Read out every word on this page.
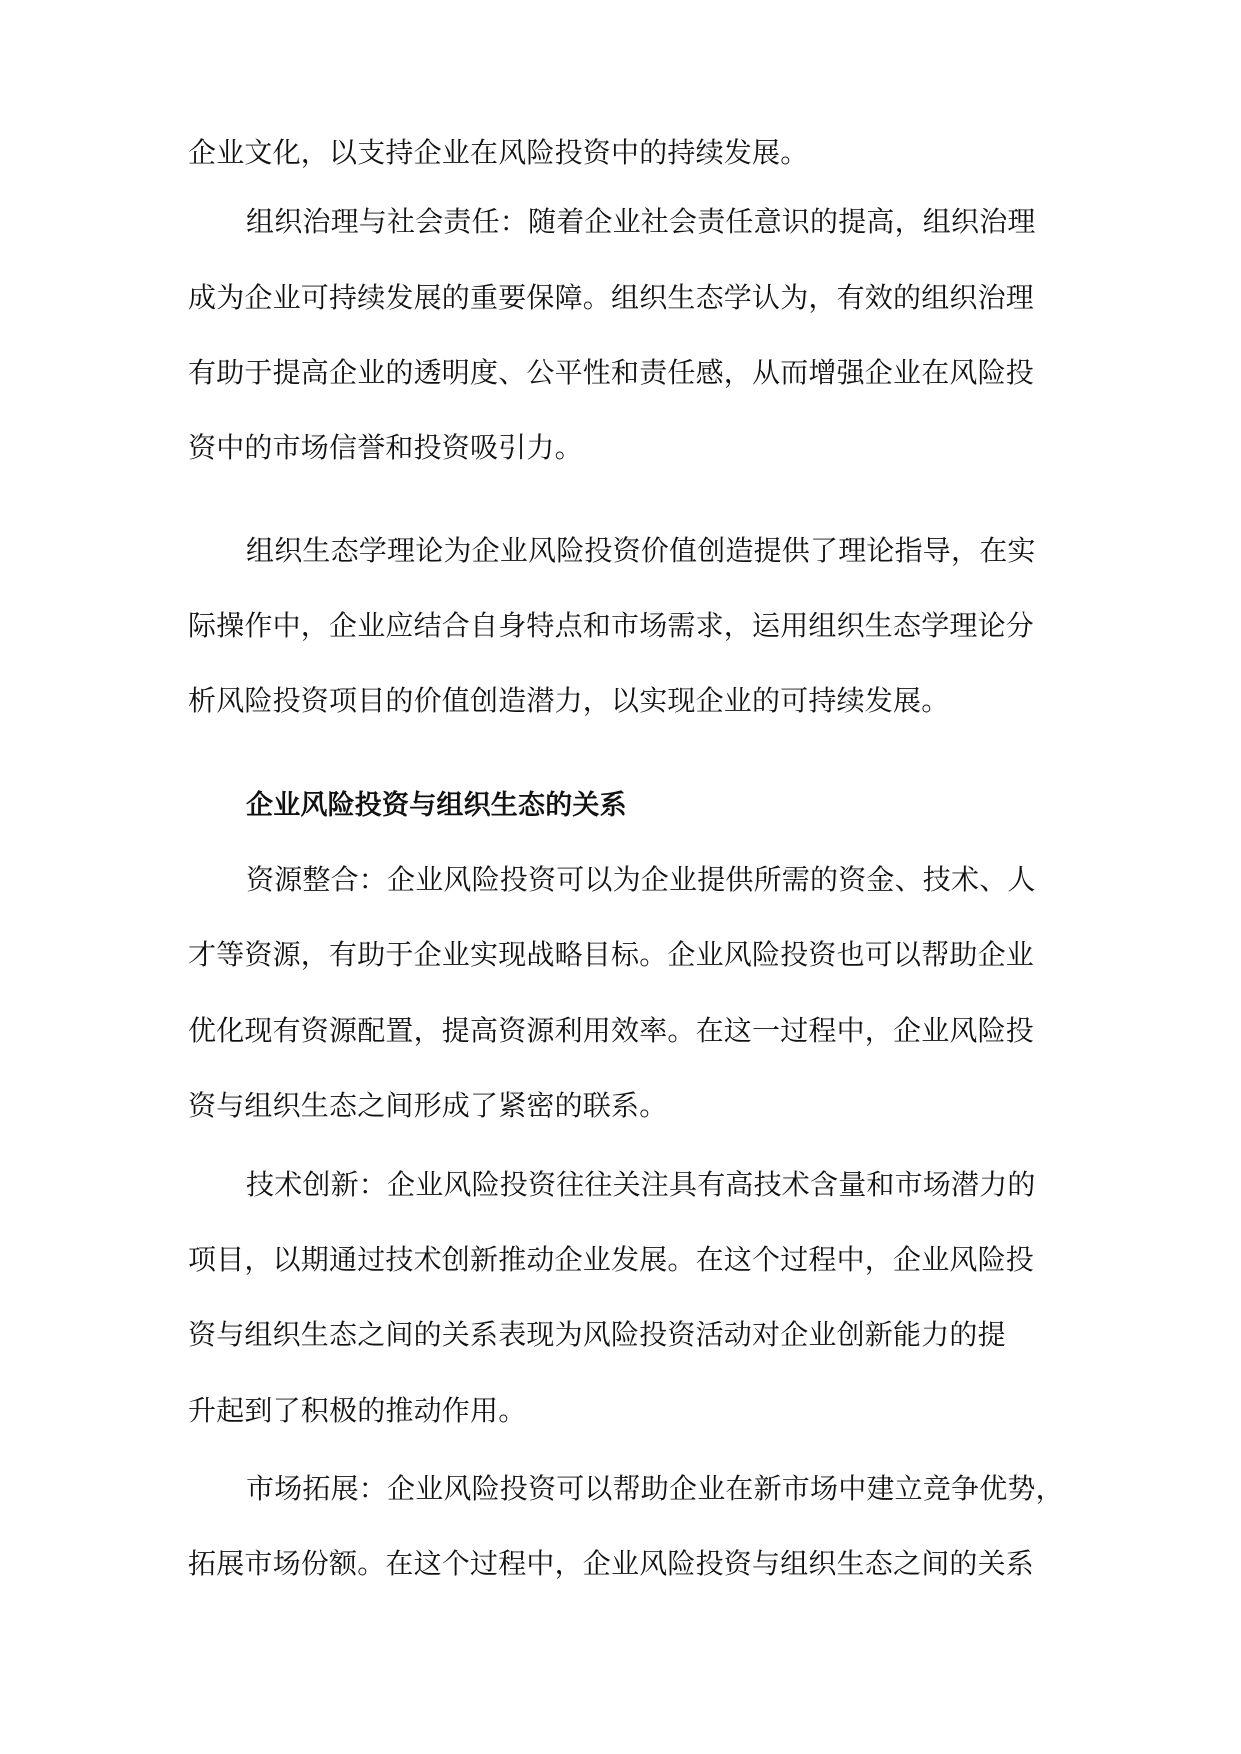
企业文化，以支持企业在风险投资中的持续发展。
组织治理与社会责任：随着企业社会责任意识的提高，组织治理
成为企业可持续发展的重要保障。组织生态学认为，有效的组织治理
有助于提高企业的透明度、公平性和责任感，从而增强企业在风险投
资中的市场信誉和投资吸引力。
组织生态学理论为企业风险投资价值创造提供了理论指导，在实
际操作中，企业应结合自身特点和市场需求，运用组织生态学理论分
析风险投资项目的价值创造潜力，以实现企业的可持续发展。
企业风险投资与组织生态的关系
资源整合：企业风险投资可以为企业提供所需的资金、技术、人
才等资源，有助于企业实现战略目标。企业风险投资也可以帮助企业
优化现有资源配置，提高资源利用效率。在这一过程中，企业风险投
资与组织生态之间形成了紧密的联系。
技术创新：企业风险投资往往关注具有高技术含量和市场潜力的
项目，以期通过技术创新推动企业发展。在这个过程中，企业风险投
资与组织生态之间的关系表现为风险投资活动对企业创新能力的提
升起到了积极的推动作用。
市场拓展：企业风险投资可以帮助企业在新市场中建立竞争优势，
拓展市场份额。在这个过程中，企业风险投资与组织生态之间的关系
